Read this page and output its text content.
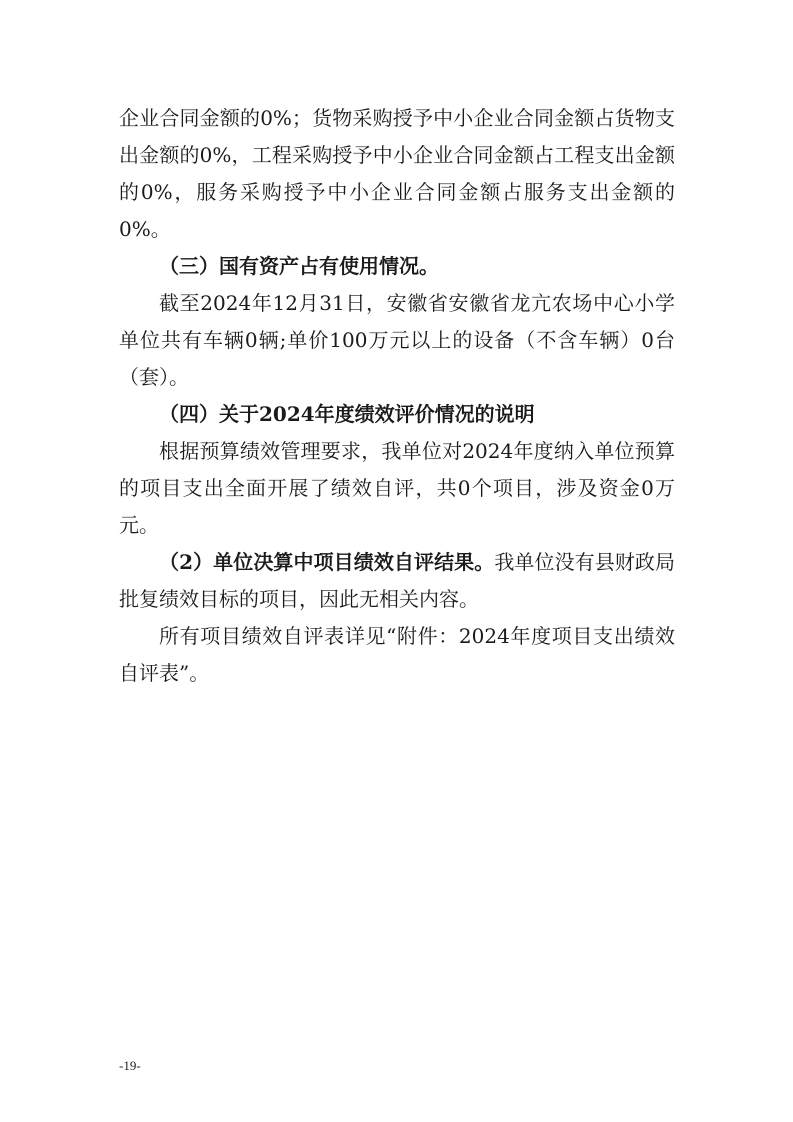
企业合同金额的0%；货物采购授予中小企业合同金额占货物支出金额的0%，工程采购授予中小企业合同金额占工程支出金额的0%，服务采购授予中小企业合同金额占服务支出金额的0%。

（三）国有资产占有使用情况。

截至2024年12月31日，安徽省安徽省龙亢农场中心小学单位共有车辆0辆;单价100万元以上的设备（不含车辆）0台（套）。

（四）关于2024年度绩效评价情况的说明

根据预算绩效管理要求，我单位对2024年度纳入单位预算的项目支出全面开展了绩效自评，共0个项目，涉及资金0万元。

（2）单位决算中项目绩效自评结果。我单位没有县财政局批复绩效目标的项目，因此无相关内容。

所有项目绩效自评表详见“附件：2024年度项目支出绩效自评表”。

-19-
